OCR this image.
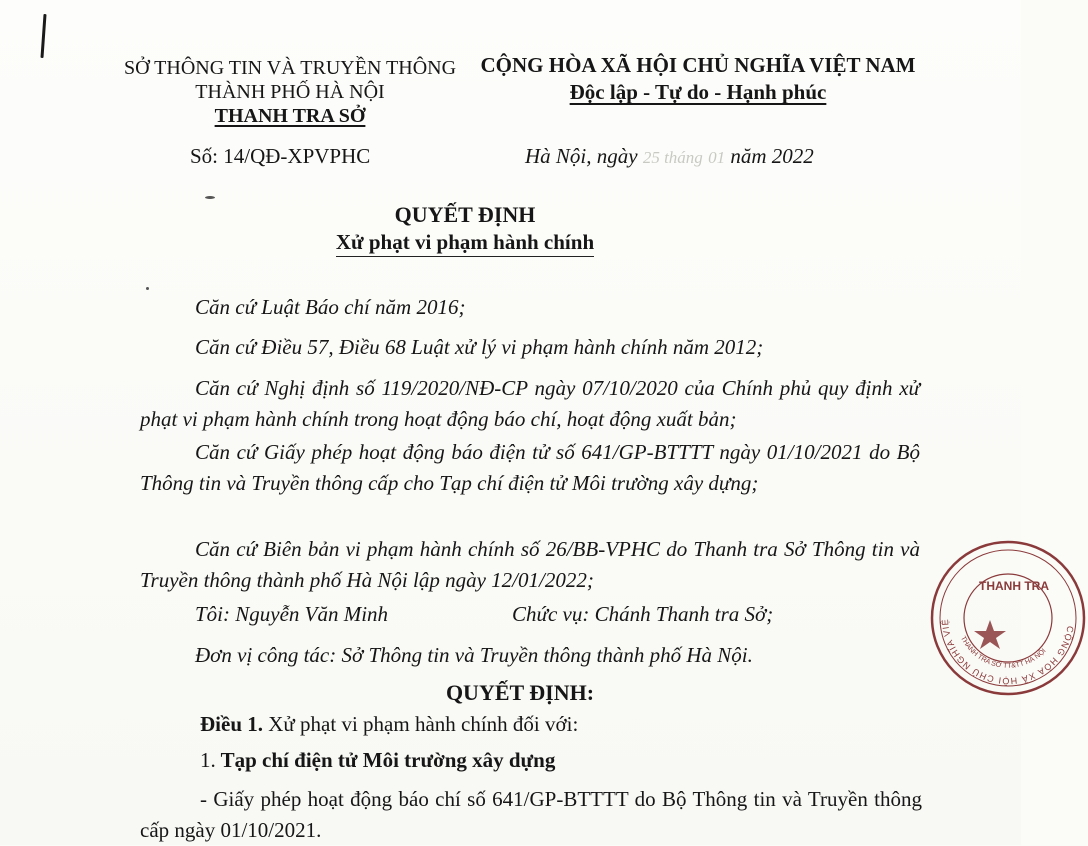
SỞ THÔNG TIN VÀ TRUYỀN THÔNG
THÀNH PHỐ HÀ NỘI
THANH TRA SỞ
CỘNG HÒA XÃ HỘI CHỦ NGHĨA VIỆT NAM
Độc lập - Tự do - Hạnh phúc
Số: 14/QĐ-XPVPHC	Hà Nội, ngày 25 tháng 01 năm 2022
QUYẾT ĐỊNH
Xử phạt vi phạm hành chính
Căn cứ Luật Báo chí năm 2016;
Căn cứ Điều 57, Điều 68 Luật xử lý vi phạm hành chính năm 2012;
Căn cứ Nghị định số 119/2020/NĐ-CP ngày 07/10/2020 của Chính phủ quy định xử phạt vi phạm hành chính trong hoạt động báo chí, hoạt động xuất bản;
Căn cứ Giấy phép hoạt động báo điện tử số 641/GP-BTTTT ngày 01/10/2021 do Bộ Thông tin và Truyền thông cấp cho Tạp chí điện tử Môi trường xây dựng;
Căn cứ Biên bản vi phạm hành chính số 26/BB-VPHC do Thanh tra Sở Thông tin và Truyền thông thành phố Hà Nội lập ngày 12/01/2022;
Tôi: Nguyễn Văn Minh	Chức vụ: Chánh Thanh tra Sở;
Đơn vị công tác: Sở Thông tin và Truyền thông thành phố Hà Nội.
QUYẾT ĐỊNH:
Điều 1. Xử phạt vi phạm hành chính đối với:
1. Tạp chí điện tử Môi trường xây dựng
- Giấy phép hoạt động báo chí số 641/GP-BTTTT do Bộ Thông tin và Truyền thông cấp ngày 01/10/2021.
CỘNG HÒA XÃ HỘI CHỦ NGHĨA VIỆT NAM
THANH TRA
THANH TRA SỞ TT&TT HÀ NỘI
